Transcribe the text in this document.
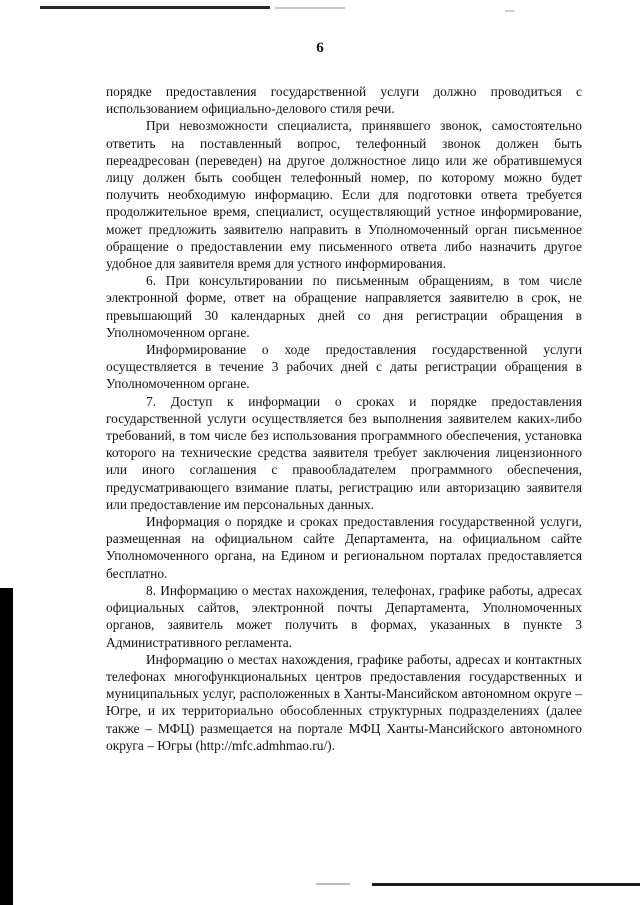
6

порядке предоставления государственной услуги должно проводиться с использованием официально-делового стиля речи.

При невозможности специалиста, принявшего звонок, самостоятельно ответить на поставленный вопрос, телефонный звонок должен быть переадресован (переведен) на другое должностное лицо или же обратившемуся лицу должен быть сообщен телефонный номер, по которому можно будет получить необходимую информацию. Если для подготовки ответа требуется продолжительное время, специалист, осуществляющий устное информирование, может предложить заявителю направить в Уполномоченный орган письменное обращение о предоставлении ему письменного ответа либо назначить другое удобное для заявителя время для устного информирования.

6. При консультировании по письменным обращениям, в том числе электронной форме, ответ на обращение направляется заявителю в срок, не превышающий 30 календарных дней со дня регистрации обращения в Уполномоченном органе.

Информирование о ходе предоставления государственной услуги осуществляется в течение 3 рабочих дней с даты регистрации обращения в Уполномоченном органе.

7. Доступ к информации о сроках и порядке предоставления государственной услуги осуществляется без выполнения заявителем каких-либо требований, в том числе без использования программного обеспечения, установка которого на технические средства заявителя требует заключения лицензионного или иного соглашения с правообладателем программного обеспечения, предусматривающего взимание платы, регистрацию или авторизацию заявителя или предоставление им персональных данных.

Информация о порядке и сроках предоставления государственной услуги, размещенная на официальном сайте Департамента, на официальном сайте Уполномоченного органа, на Едином и региональном порталах предоставляется бесплатно.

8. Информацию о местах нахождения, телефонах, графике работы, адресах официальных сайтов, электронной почты Департамента, Уполномоченных органов, заявитель может получить в формах, указанных в пункте 3 Административного регламента.

Информацию о местах нахождения, графике работы, адресах и контактных телефонах многофункциональных центров предоставления государственных и муниципальных услуг, расположенных в Ханты-Мансийском автономном округе – Югре, и их территориально обособленных структурных подразделениях (далее также – МФЦ) размещается на портале МФЦ Ханты-Мансийского автономного округа – Югры (http://mfc.admhmao.ru/).
